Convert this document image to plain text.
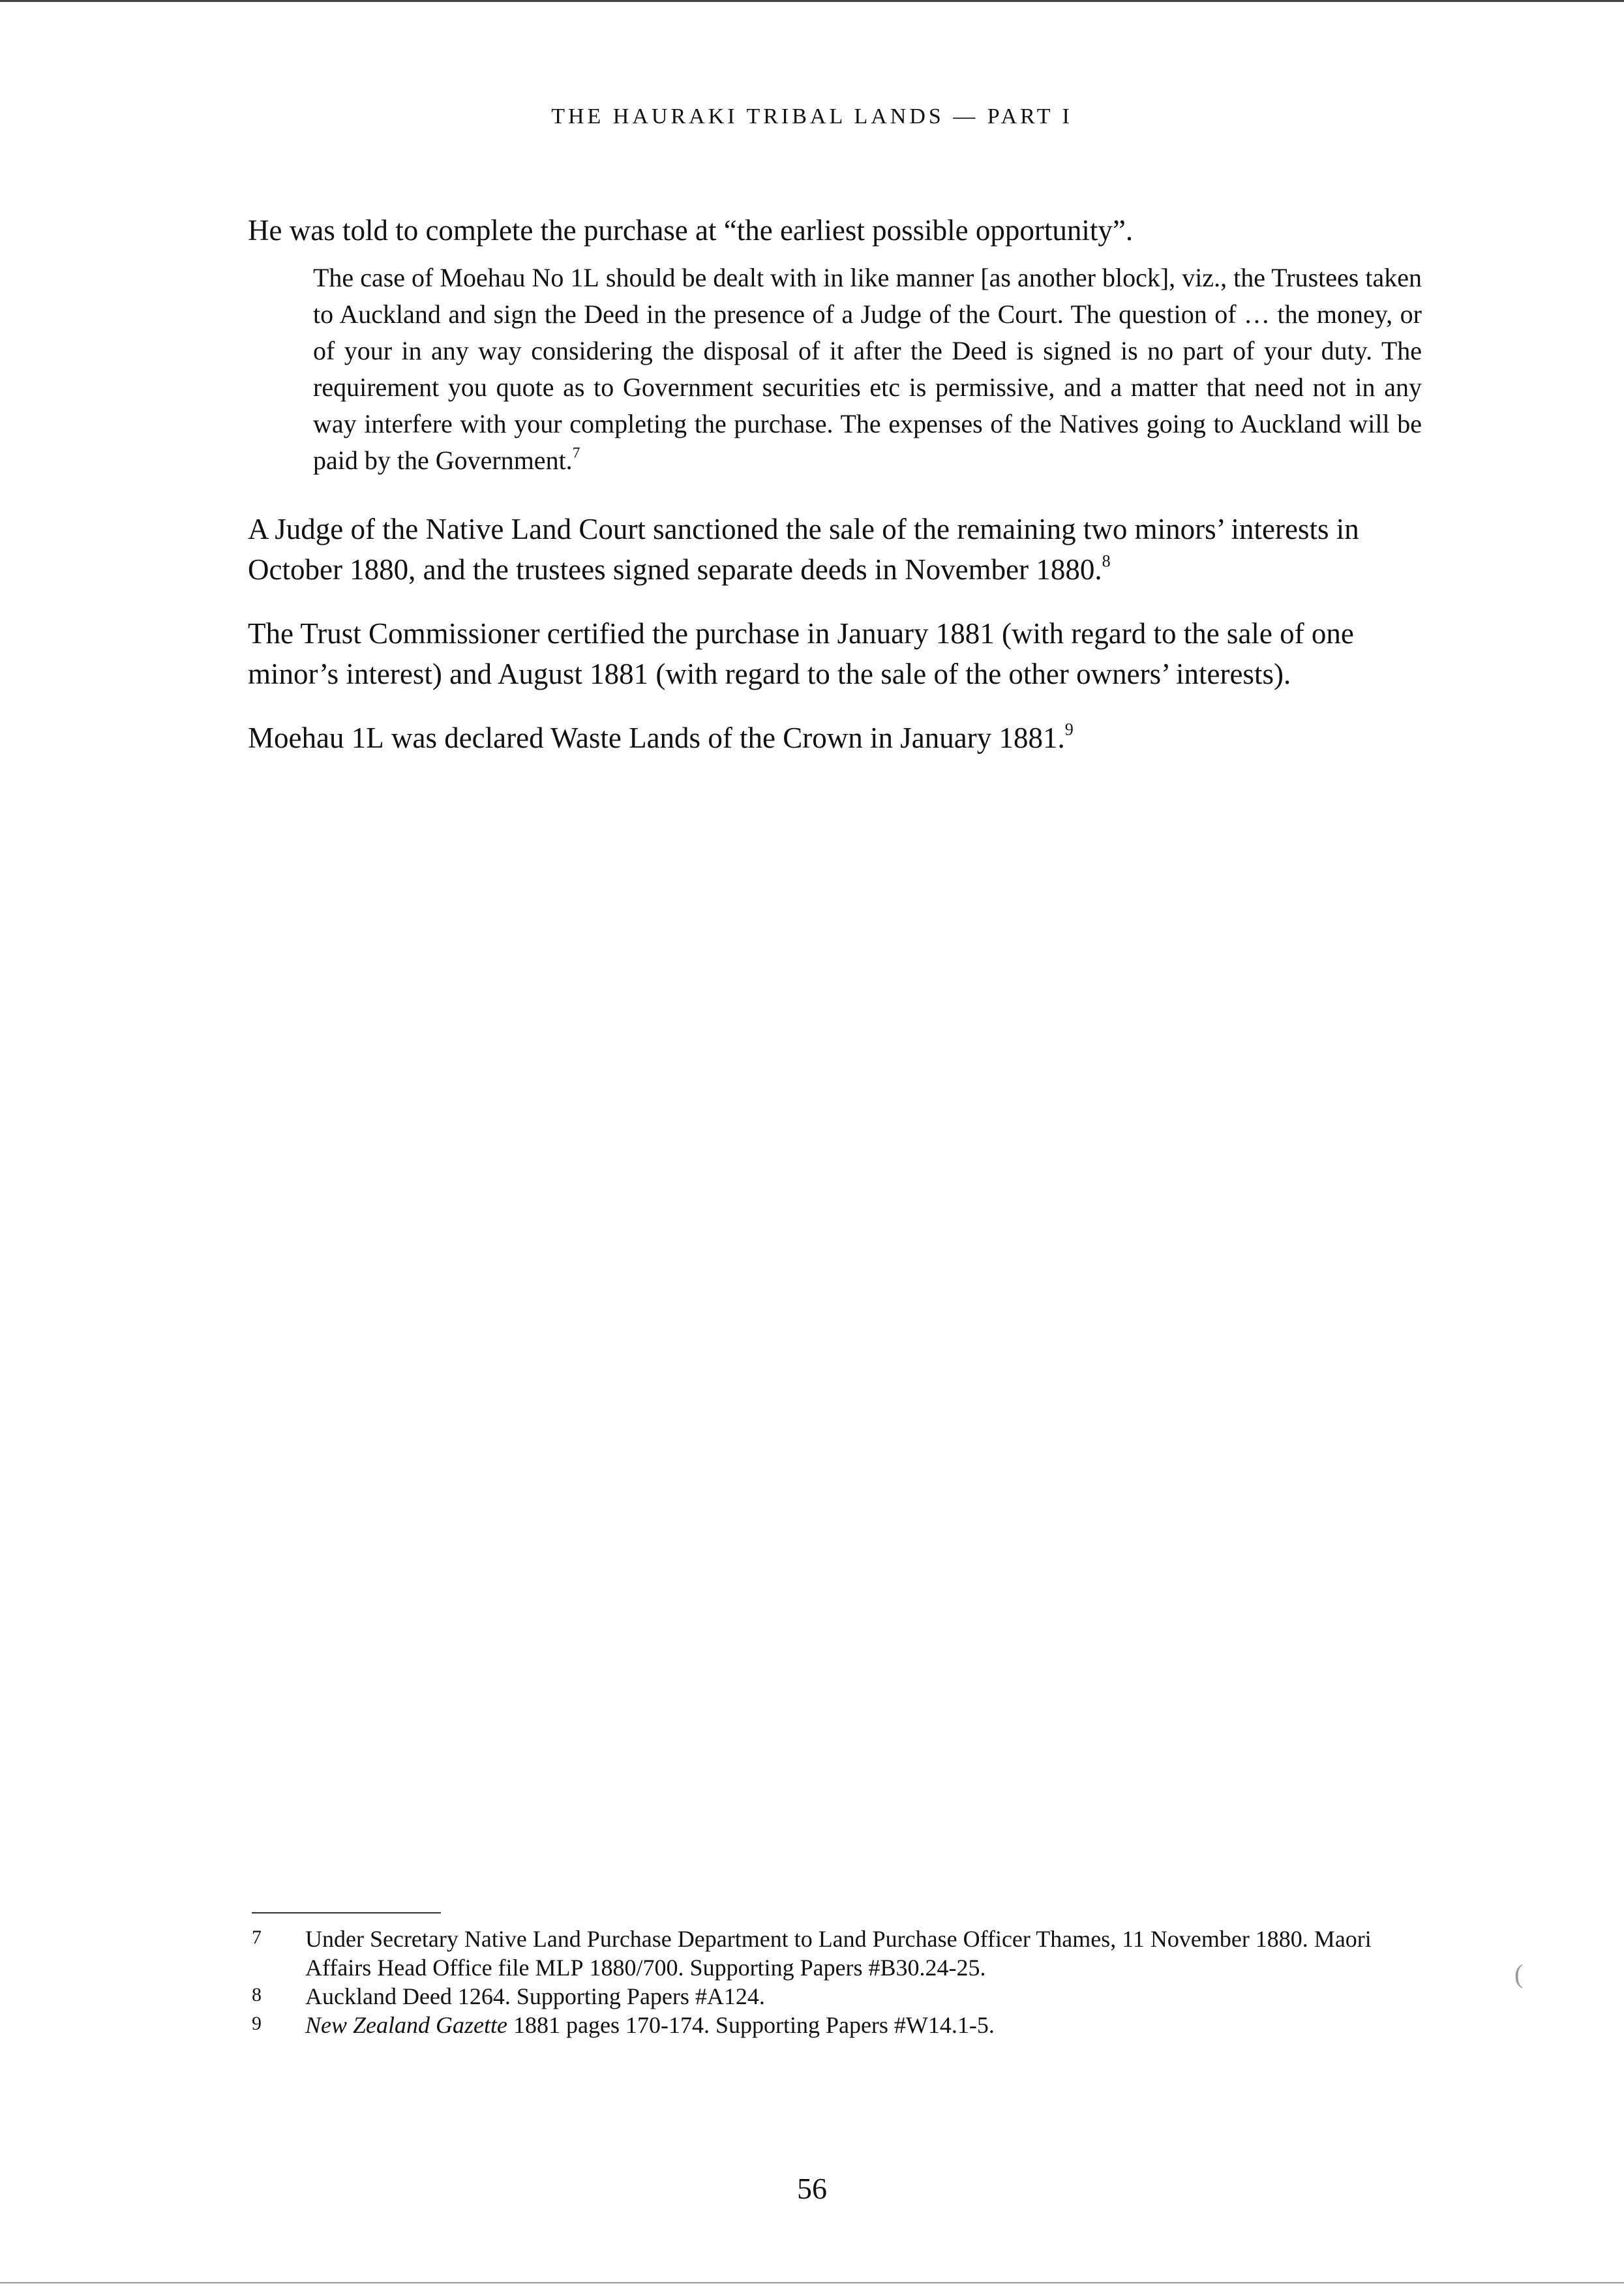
THE HAURAKI TRIBAL LANDS — PART I

He was told to complete the purchase at “the earliest possible opportunity”.

The case of Moehau No 1L should be dealt with in like manner [as another block], viz., the Trustees taken to Auckland and sign the Deed in the presence of a Judge of the Court. The question of … the money, or of your in any way considering the disposal of it after the Deed is signed is no part of your duty. The requirement you quote as to Government securities etc is permissive, and a matter that need not in any way interfere with your completing the purchase. The expenses of the Natives going to Auckland will be paid by the Government.$^7$

A Judge of the Native Land Court sanctioned the sale of the remaining two minors’ interests in October 1880, and the trustees signed separate deeds in November 1880.$^8$

The Trust Commissioner certified the purchase in January 1881 (with regard to the sale of one minor’s interest) and August 1881 (with regard to the sale of the other owners’ interests).

Moehau 1L was declared Waste Lands of the Crown in January 1881.$^9$

7	Under Secretary Native Land Purchase Department to Land Purchase Officer Thames, 11 November 1880. Maori Affairs Head Office file MLP 1880/700. Supporting Papers #B30.24-25.
8	Auckland Deed 1264. Supporting Papers #A124.
9	New Zealand Gazette 1881 pages 170-174. Supporting Papers #W14.1-5.
(
56
